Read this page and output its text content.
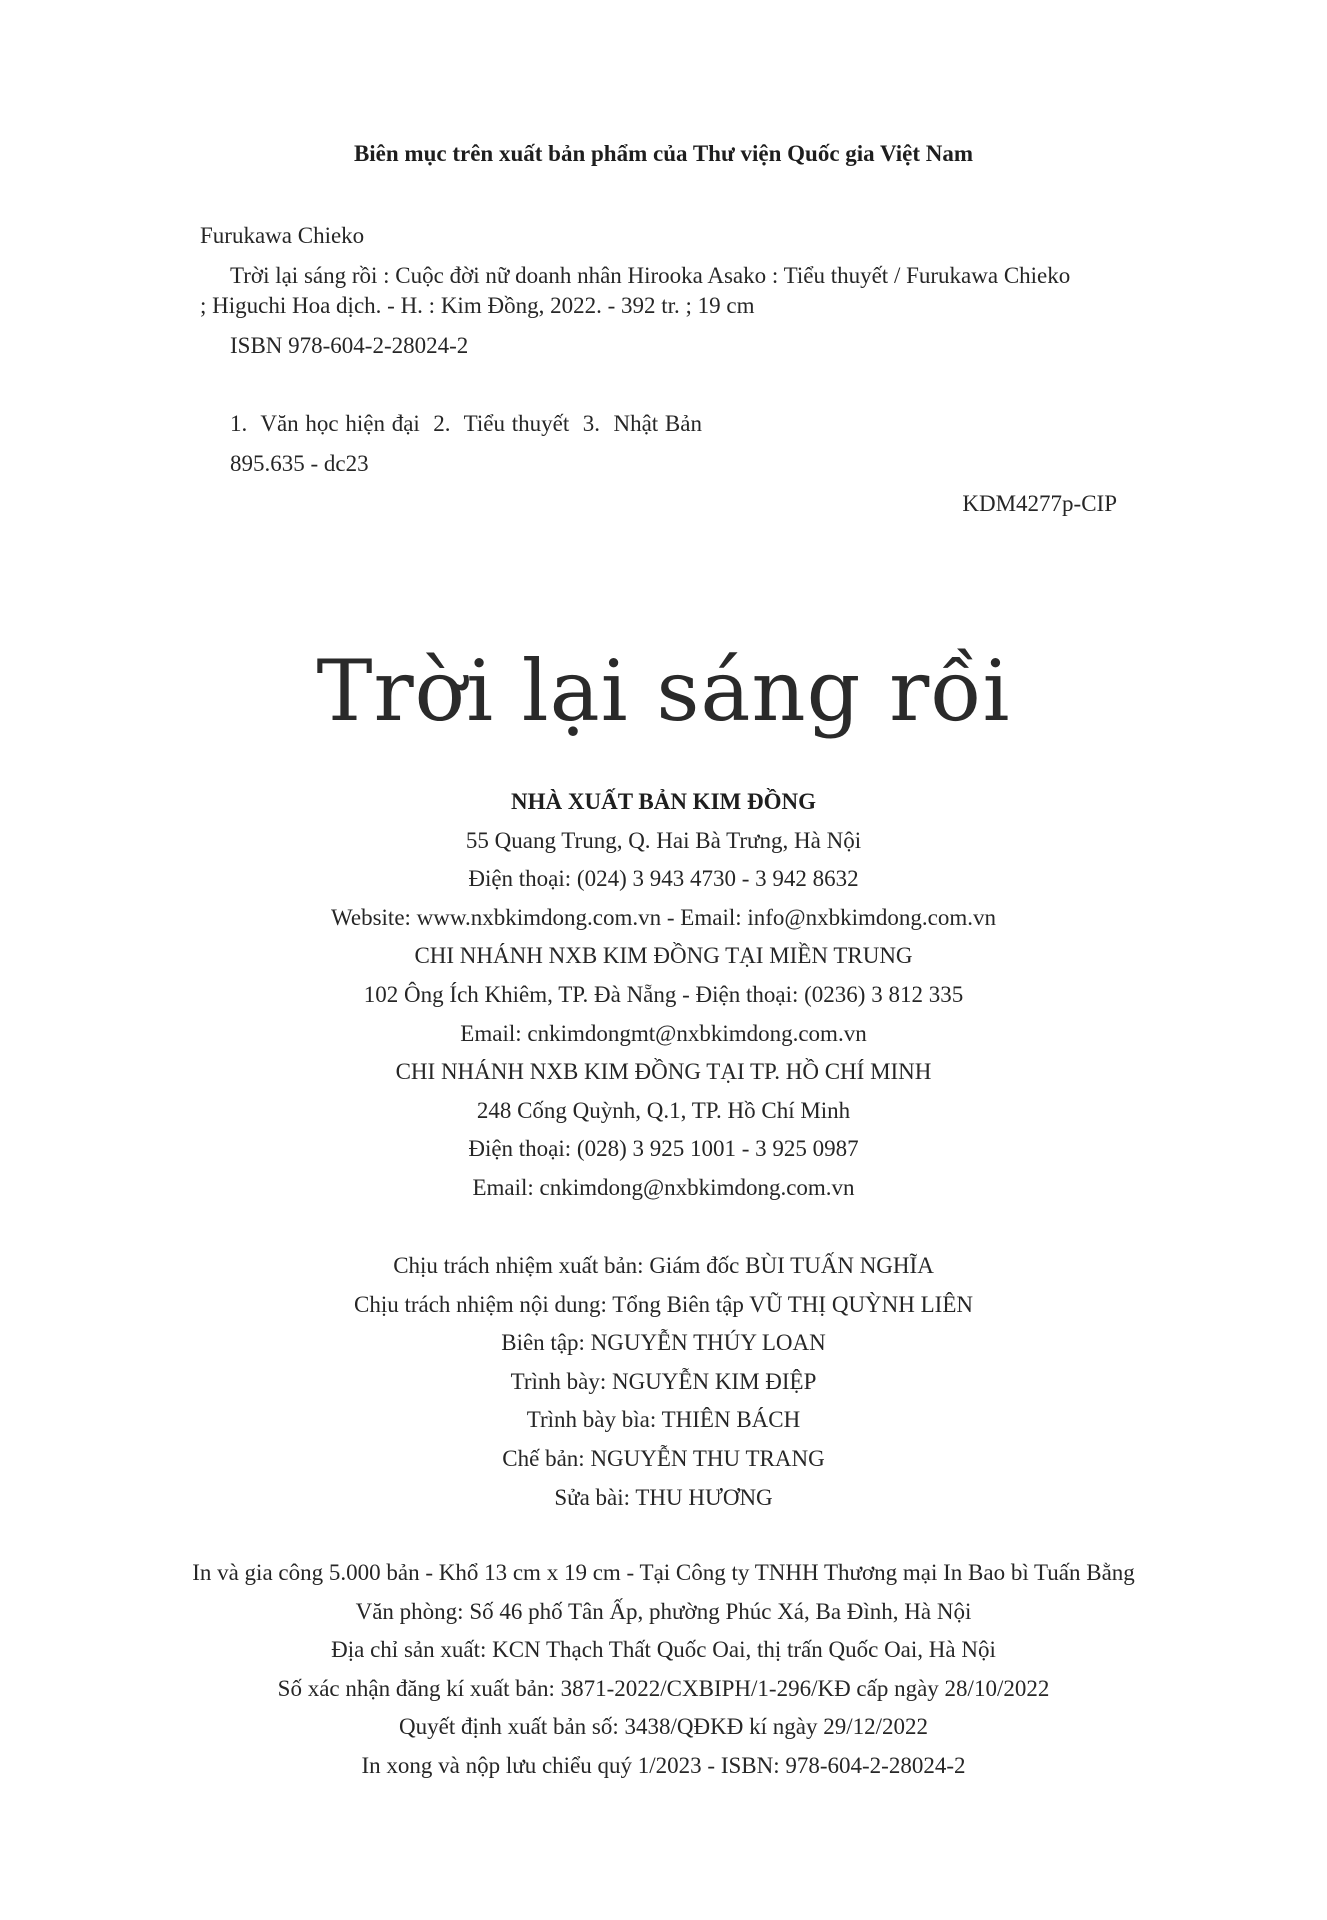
Biên mục trên xuất bản phẩm của Thư viện Quốc gia Việt Nam
Furukawa Chieko
Trời lại sáng rồi : Cuộc đời nữ doanh nhân Hirooka Asako : Tiểu thuyết / Furukawa Chieko
; Higuchi Hoa dịch. - H. : Kim Đồng, 2022. - 392 tr. ; 19 cm
ISBN 978-604-2-28024-2
1.  Văn học hiện đại  2.  Tiểu thuyết  3.  Nhật Bản
895.635 - dc23
KDM4277p-CIP
Trời lại sáng rồi
NHÀ XUẤT BẢN KIM ĐỒNG
55 Quang Trung, Q. Hai Bà Trưng, Hà Nội
Điện thoại: (024) 3 943 4730 - 3 942 8632
Website: www.nxbkimdong.com.vn - Email: info@nxbkimdong.com.vn
CHI NHÁNH NXB KIM ĐỒNG TẠI MIỀN TRUNG
102 Ông Ích Khiêm, TP. Đà Nẵng - Điện thoại: (0236) 3 812 335
Email: cnkimdongmt@nxbkimdong.com.vn
CHI NHÁNH NXB KIM ĐỒNG TẠI TP. HỒ CHÍ MINH
248 Cống Quỳnh, Q.1, TP. Hồ Chí Minh
Điện thoại: (028) 3 925 1001 - 3 925 0987
Email: cnkimdong@nxbkimdong.com.vn
Chịu trách nhiệm xuất bản: Giám đốc BÙI TUẤN NGHĨA
Chịu trách nhiệm nội dung: Tổng Biên tập VŨ THỊ QUỲNH LIÊN
Biên tập: NGUYỄN THÚY LOAN
Trình bày: NGUYỄN KIM ĐIỆP
Trình bày bìa: THIÊN BÁCH
Chế bản: NGUYỄN THU TRANG
Sửa bài: THU HƯƠNG
In và gia công 5.000 bản - Khổ 13 cm x 19 cm - Tại Công ty TNHH Thương mại In Bao bì Tuấn Bằng
Văn phòng: Số 46 phố Tân Ấp, phường Phúc Xá, Ba Đình, Hà Nội
Địa chỉ sản xuất: KCN Thạch Thất Quốc Oai, thị trấn Quốc Oai, Hà Nội
Số xác nhận đăng kí xuất bản: 3871-2022/CXBIPH/1-296/KĐ cấp ngày 28/10/2022
Quyết định xuất bản số: 3438/QĐKĐ kí ngày 29/12/2022
In xong và nộp lưu chiểu quý 1/2023 - ISBN: 978-604-2-28024-2
